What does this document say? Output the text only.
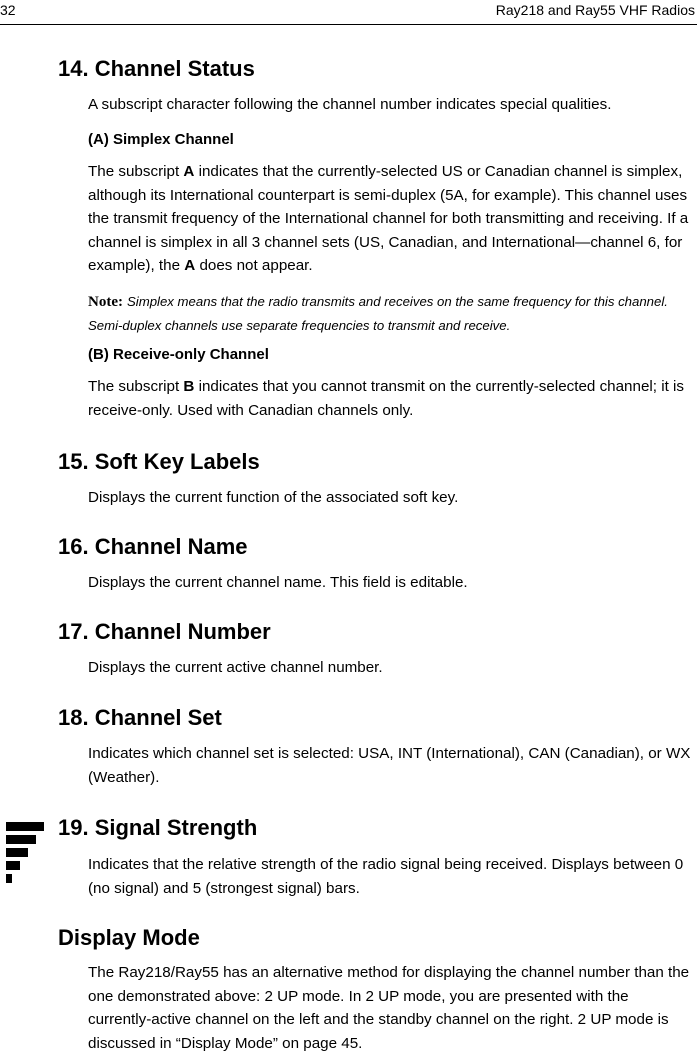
32	Ray218 and Ray55 VHF Radios
14. Channel Status
A subscript character following the channel number indicates special qualities.
(A) Simplex Channel
The subscript A indicates that the currently-selected US or Canadian channel is simplex, although its International counterpart is semi-duplex (5A, for example). This channel uses the transmit frequency of the International channel for both transmitting and receiving. If a channel is simplex in all 3 channel sets (US, Canadian, and International—channel 6, for example), the A does not appear.
Note: Simplex means that the radio transmits and receives on the same frequency for this channel. Semi-duplex channels use separate frequencies to transmit and receive.
(B) Receive-only Channel
The subscript B indicates that you cannot transmit on the currently-selected channel; it is receive-only. Used with Canadian channels only.
15. Soft Key Labels
Displays the current function of the associated soft key.
16. Channel Name
Displays the current channel name. This field is editable.
17. Channel Number
Displays the current active channel number.
18. Channel Set
Indicates which channel set is selected: USA, INT (International), CAN (Canadian), or WX (Weather).
19. Signal Strength
Indicates that the relative strength of the radio signal being received. Displays between 0 (no signal) and 5 (strongest signal) bars.
Display Mode
The Ray218/Ray55 has an alternative method for displaying the channel number than the one demonstrated above: 2 UP mode. In 2 UP mode, you are presented with the currently-active channel on the left and the standby channel on the right. 2 UP mode is discussed in “Display Mode” on page 45.
